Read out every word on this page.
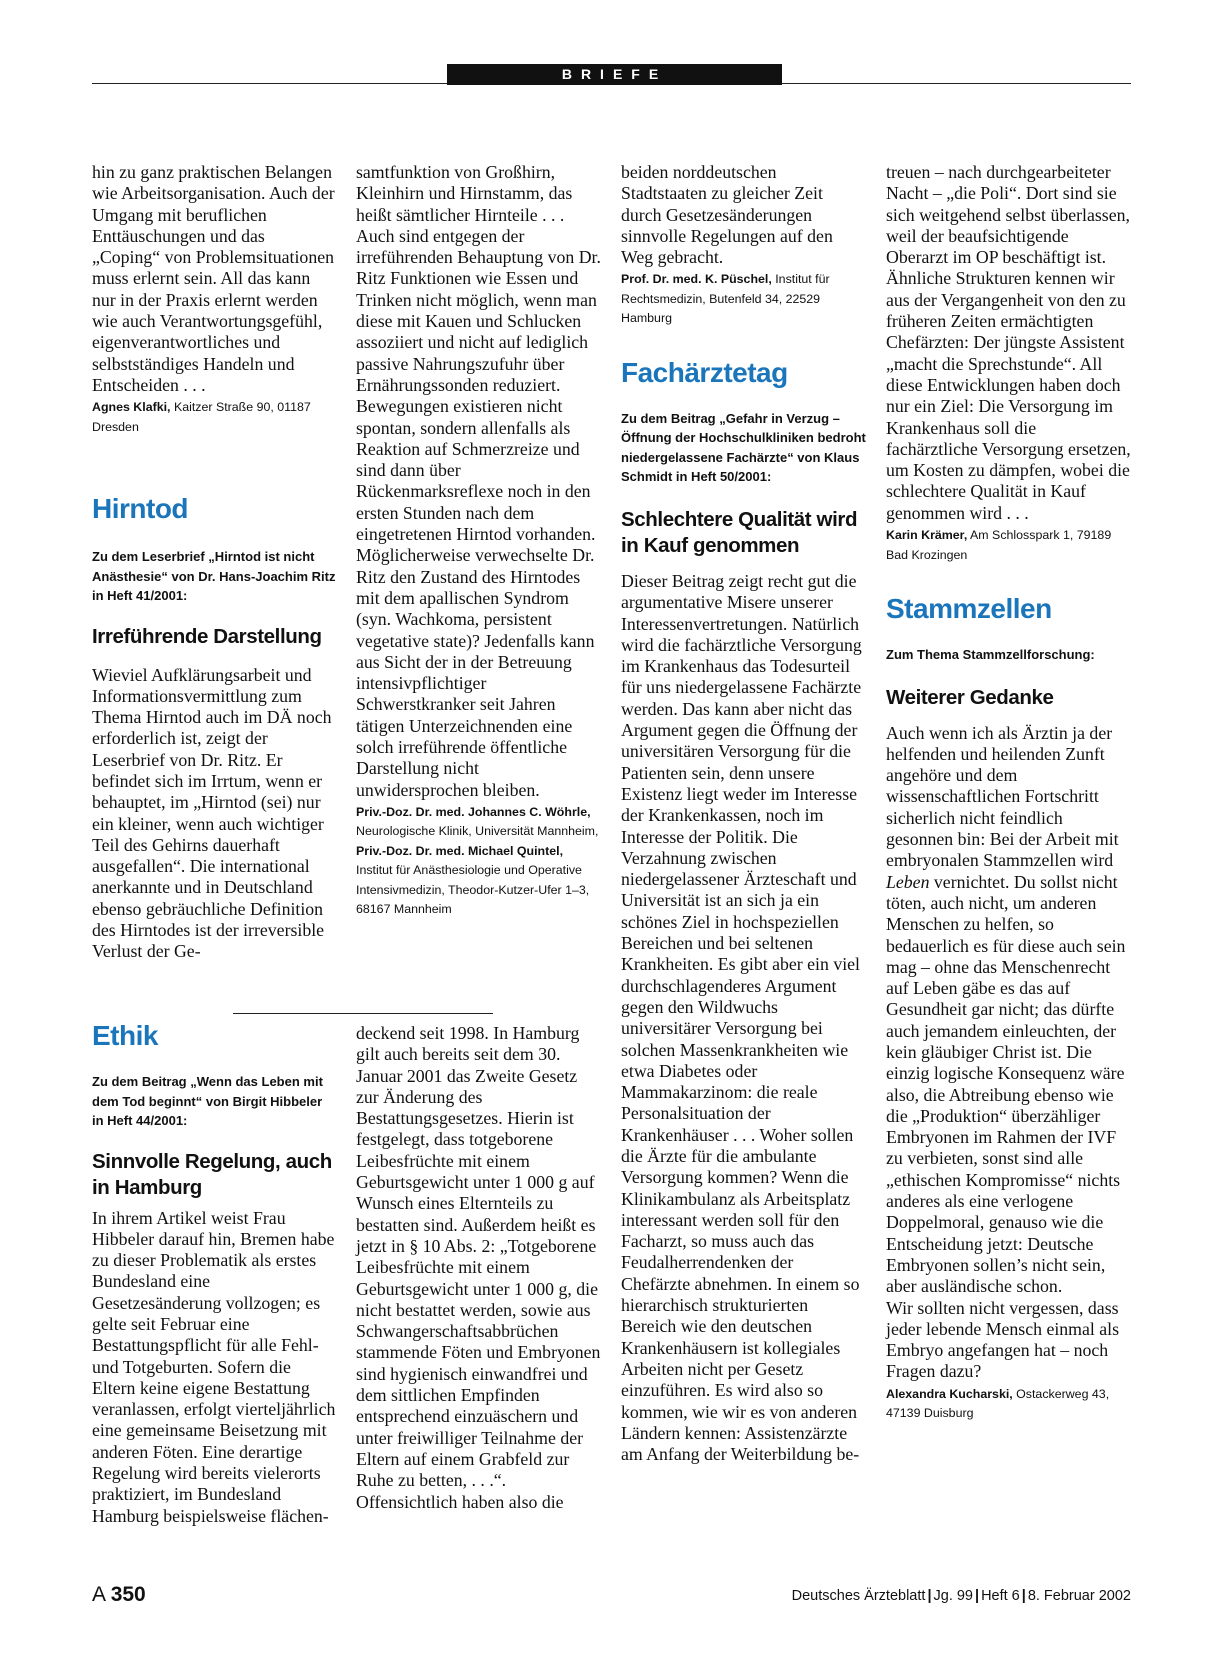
BRIEFE

hin zu ganz praktischen Belangen wie Arbeitsorganisation. Auch der Umgang mit beruflichen Enttäuschungen und das „Coping“ von Problemsituationen muss erlernt sein. All das kann nur in der Praxis erlernt werden wie auch Verantwortungsgefühl, eigenverantwortliches und selbstständiges Handeln und Entscheiden . . .

Agnes Klafki, Kaitzer Straße 90, 01187 Dresden

Hirntod

Zu dem Leserbrief „Hirntod ist nicht Anästhesie“ von Dr. Hans-Joachim Ritz in Heft 41/2001:

Irreführende Darstellung

Wieviel Aufklärungsarbeit und Informationsvermittlung zum Thema Hirntod auch im DÄ noch erforderlich ist, zeigt der Leserbrief von Dr. Ritz. Er befindet sich im Irrtum, wenn er behauptet, im „Hirntod (sei) nur ein kleiner, wenn auch wichtiger Teil des Gehirns dauerhaft ausgefallen“. Die international anerkannte und in Deutschland ebenso gebräuchliche Definition des Hirntodes ist der irreversible Verlust der Ge-

samtfunktion von Großhirn, Kleinhirn und Hirnstamm, das heißt sämtlicher Hirnteile . . . Auch sind entgegen der irreführenden Behauptung von Dr. Ritz Funktionen wie Essen und Trinken nicht möglich, wenn man diese mit Kauen und Schlucken assoziiert und nicht auf lediglich passive Nahrungszufuhr über Ernährungssonden reduziert. Bewegungen existieren nicht spontan, sondern allenfalls als Reaktion auf Schmerzreize und sind dann über Rückenmarksreflexe noch in den ersten Stunden nach dem eingetretenen Hirntod vorhanden. Möglicherweise verwechselte Dr. Ritz den Zustand des Hirntodes mit dem apallischen Syndrom (syn. Wachkoma, persistent vegetative state)? Jedenfalls kann aus Sicht der in der Betreuung intensivpflichtiger Schwerstkranker seit Jahren tätigen Unterzeichnenden eine solch irreführende öffentliche Darstellung nicht unwidersprochen bleiben.

Priv.-Doz. Dr. med. Johannes C. Wöhrle, Neurologische Klinik, Universität Mannheim, Priv.-Doz. Dr. med. Michael Quintel, Institut für Anästhesiologie und Operative Intensivmedizin, Theodor-Kutzer-Ufer 1–3, 68167 Mannheim

Ethik

Zu dem Beitrag „Wenn das Leben mit dem Tod beginnt“ von Birgit Hibbeler in Heft 44/2001:

Sinnvolle Regelung, auch in Hamburg

In ihrem Artikel weist Frau Hibbeler darauf hin, Bremen habe zu dieser Problematik als erstes Bundesland eine Gesetzesänderung vollzogen; es gelte seit Februar eine Bestattungspflicht für alle Fehl- und Totgeburten. Sofern die Eltern keine eigene Bestattung veranlassen, erfolgt vierteljährlich eine gemeinsame Beisetzung mit anderen Föten. Eine derartige Regelung wird bereits vielerorts praktiziert, im Bundesland Hamburg beispielsweise flächen-

deckend seit 1998. In Hamburg gilt auch bereits seit dem 30. Januar 2001 das Zweite Gesetz zur Änderung des Bestattungsgesetzes. Hierin ist festgelegt, dass totgeborene Leibesfrüchte mit einem Geburtsgewicht unter 1 000 g auf Wunsch eines Elternteils zu bestatten sind. Außerdem heißt es jetzt in § 10 Abs. 2: „Totgeborene Leibesfrüchte mit einem Geburtsgewicht unter 1 000 g, die nicht bestattet werden, sowie aus Schwangerschaftsabbrüchen stammende Föten und Embryonen sind hygienisch einwandfrei und dem sittlichen Empfinden entsprechend einzuäschern und unter freiwilliger Teilnahme der Eltern auf einem Grabfeld zur Ruhe zu betten, . . .“. Offensichtlich haben also die

beiden norddeutschen Stadtstaaten zu gleicher Zeit durch Gesetzesänderungen sinnvolle Regelungen auf den Weg gebracht.

Prof. Dr. med. K. Püschel, Institut für Rechtsmedizin, Butenfeld 34, 22529 Hamburg

Fachärztetag

Zu dem Beitrag „Gefahr in Verzug – Öffnung der Hochschulkliniken bedroht niedergelassene Fachärzte“ von Klaus Schmidt in Heft 50/2001:

Schlechtere Qualität wird in Kauf genommen

Dieser Beitrag zeigt recht gut die argumentative Misere unserer Interessenvertretungen. Natürlich wird die fachärztliche Versorgung im Krankenhaus das Todesurteil für uns niedergelassene Fachärzte werden. Das kann aber nicht das Argument gegen die Öffnung der universitären Versorgung für die Patienten sein, denn unsere Existenz liegt weder im Interesse der Krankenkassen, noch im Interesse der Politik. Die Verzahnung zwischen niedergelassener Ärzteschaft und Universität ist an sich ja ein schönes Ziel in hochspeziellen Bereichen und bei seltenen Krankheiten. Es gibt aber ein viel durchschlagenderes Argument gegen den Wildwuchs universitärer Versorgung bei solchen Massenkrankheiten wie etwa Diabetes oder Mammakarzinom: die reale Personalsituation der Krankenhäuser . . . Woher sollen die Ärzte für die ambulante Versorgung kommen? Wenn die Klinikambulanz als Arbeitsplatz interessant werden soll für den Facharzt, so muss auch das Feudalherrendenken der Chefärzte abnehmen. In einem so hierarchisch strukturierten Bereich wie den deutschen Krankenhäusern ist kollegiales Arbeiten nicht per Gesetz einzuführen. Es wird also so kommen, wie wir es von anderen Ländern kennen: Assistenzärzte am Anfang der Weiterbildung be-

treuen – nach durchgearbeiteter Nacht – „die Poli“. Dort sind sie sich weitgehend selbst überlassen, weil der beaufsichtigende Oberarzt im OP beschäftigt ist. Ähnliche Strukturen kennen wir aus der Vergangenheit von den zu früheren Zeiten ermächtigten Chefärzten: Der jüngste Assistent „macht die Sprechstunde“. All diese Entwicklungen haben doch nur ein Ziel: Die Versorgung im Krankenhaus soll die fachärztliche Versorgung ersetzen, um Kosten zu dämpfen, wobei die schlechtere Qualität in Kauf genommen wird . . .

Karin Krämer, Am Schlosspark 1, 79189 Bad Krozingen

Stammzellen

Zum Thema Stammzellforschung:

Weiterer Gedanke

Auch wenn ich als Ärztin ja der helfenden und heilenden Zunft angehöre und dem wissenschaftlichen Fortschritt sicherlich nicht feindlich gesonnen bin: Bei der Arbeit mit embryonalen Stammzellen wird Leben vernichtet. Du sollst nicht töten, auch nicht, um anderen Menschen zu helfen, so bedauerlich es für diese auch sein mag – ohne das Menschenrecht auf Leben gäbe es das auf Gesundheit gar nicht; das dürfte auch jemandem einleuchten, der kein gläubiger Christ ist. Die einzig logische Konsequenz wäre also, die Abtreibung ebenso wie die „Produktion“ überzähliger Embryonen im Rahmen der IVF zu verbieten, sonst sind alle „ethischen Kompromisse“ nichts anderes als eine verlogene Doppelmoral, genauso wie die Entscheidung jetzt: Deutsche Embryonen sollen’s nicht sein, aber ausländische schon.

Wir sollten nicht vergessen, dass jeder lebende Mensch einmal als Embryo angefangen hat – noch Fragen dazu?

Alexandra Kucharski, Ostackerweg 43, 47139 Duisburg

A 350	Deutsches Ärzteblatt | Jg. 99 | Heft 6 | 8. Februar 2002
